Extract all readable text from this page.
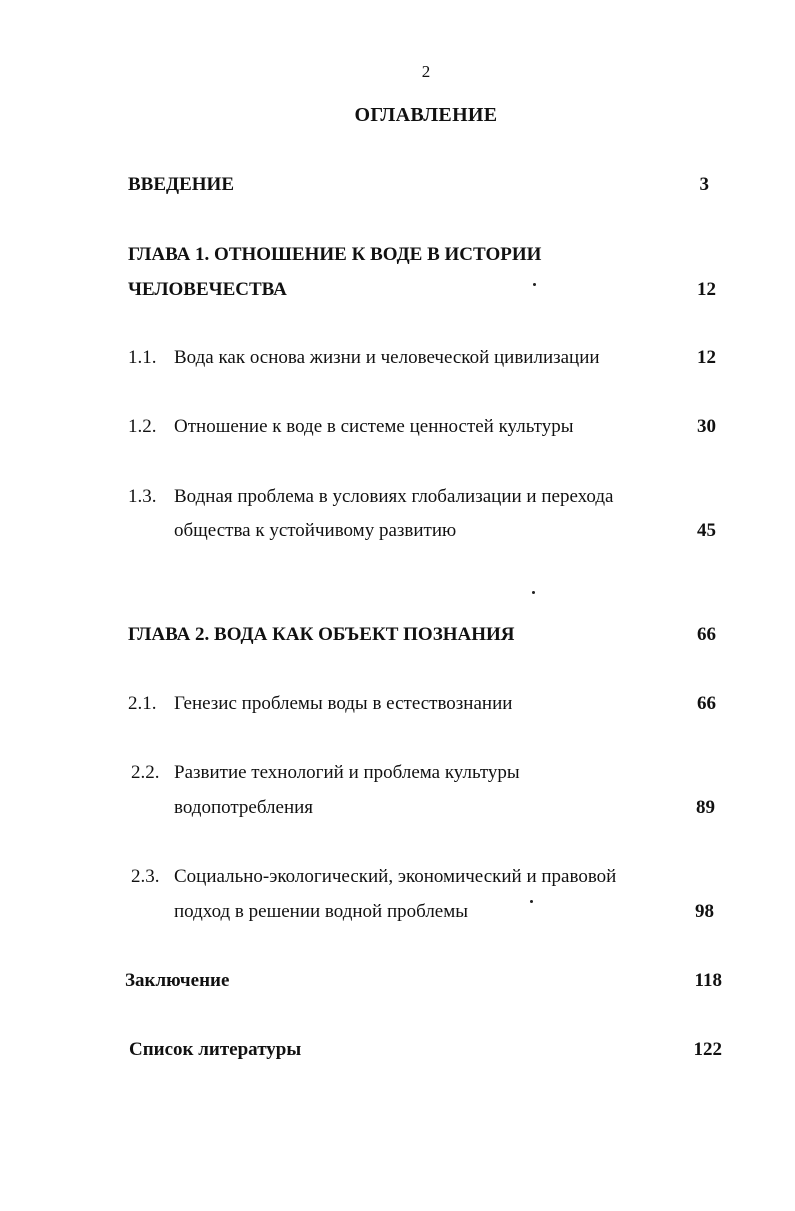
2
ОГЛАВЛЕНИЕ
ВВЕДЕНИЕ	3
ГЛАВА 1. ОТНОШЕНИЕ К ВОДЕ В ИСТОРИИ
ЧЕЛОВЕЧЕСТВА	12
1.1. Вода как основа жизни и человеческой цивилизации	12
1.2. Отношение к воде в системе ценностей культуры	30
1.3. Водная проблема в условиях глобализации и перехода
общества к устойчивому развитию	45
ГЛАВА 2. ВОДА КАК ОБЪЕКТ ПОЗНАНИЯ	66
2.1. Генезис проблемы воды в естествознании	66
2.2. Развитие технологий и проблема культуры
водопотребления	89
2.3. Социально-экологический, экономический и правовой
подход в решении водной проблемы	98
Заключение	118
Список литературы	122
